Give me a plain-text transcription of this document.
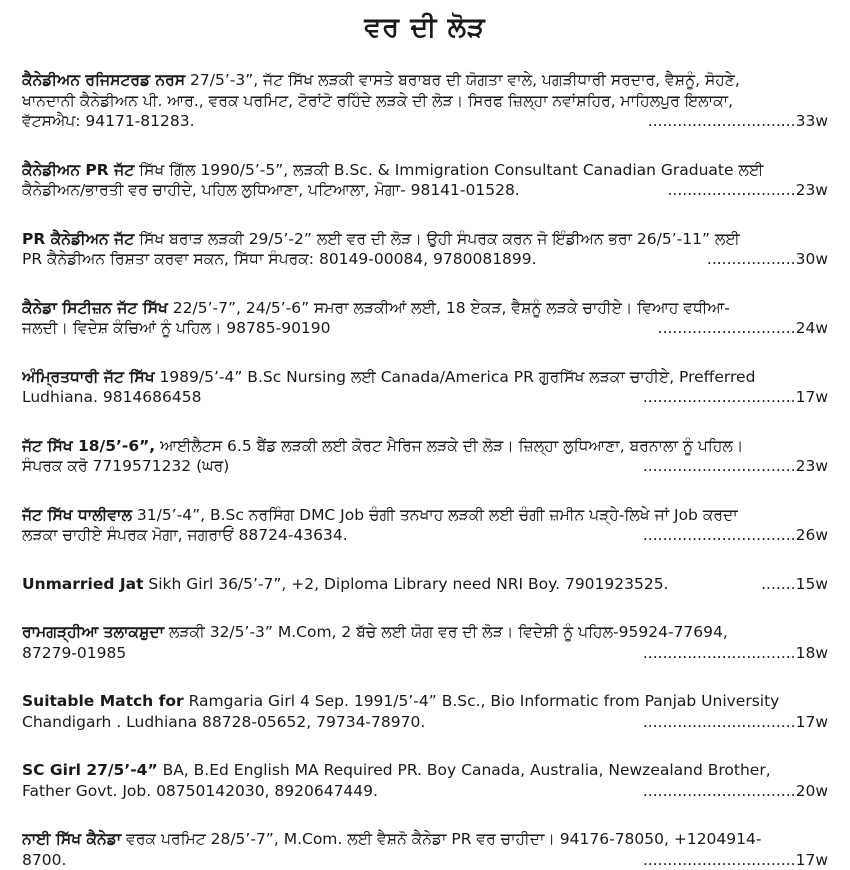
ਵਰ ਦੀ ਲੋੜ
ਕੈਨੇਡੀਅਨ ਰਜਿਸਟਰਡ ਨਰਸ 27/5’-3”, ਜੱਟ ਸਿੱਖ ਲੜਕੀ ਵਾਸਤੇ ਬਰਾਬਰ ਦੀ ਯੋਗਤਾ ਵਾਲੇ, ਪਗੜੀਧਾਰੀ ਸਰਦਾਰ, ਵੈਸ਼ਨੂੰ, ਸੋਹਣੇ,
ਖਾਨਦਾਨੀ ਕੈਨੇਡੀਅਨ ਪੀ. ਆਰ., ਵਰਕ ਪਰਮਿਟ, ਟੋਰਾਂਟੋ ਰਹਿੰਦੇ ਲੜਕੇ ਦੀ ਲੋੜ। ਸਿਰਫ ਜ਼ਿਲ੍ਹਾ ਨਵਾਂਸ਼ਹਿਰ, ਮਾਹਿਲਪੁਰ ਇਲਾਕਾ,
ਵੱਟਸਐਪ: 94171-81283.	..............................33w
ਕੈਨੇਡੀਅਨ PR ਜੱਟ ਸਿੱਖ ਗਿੱਲ 1990/5’-5”, ਲੜਕੀ B.Sc. & Immigration Consultant Canadian Graduate ਲਈ
ਕੈਨੇਡੀਅਨ/ਭਾਰਤੀ ਵਰ ਚਾਹੀਦੇ, ਪਹਿਲ ਲੁਧਿਆਣਾ, ਪਟਿਆਲਾ, ਮੋਗਾ- 98141-01528.	..........................23w
PR ਕੈਨੇਡੀਅਨ ਜੱਟ ਸਿੱਖ ਬਰਾੜ ਲੜਕੀ 29/5’-2” ਲਈ ਵਰ ਦੀ ਲੋੜ। ਉਹੀ ਸੰਪਰਕ ਕਰਨ ਜੋ ਇੰਡੀਅਨ ਭਰਾ 26/5’-11” ਲਈ
PR ਕੈਨੇਡੀਅਨ ਰਿਸ਼ਤਾ ਕਰਵਾ ਸਕਨ, ਸਿੱਧਾ ਸੰਪਰਕ: 80149-00084, 9780081899.	..................30w
ਕੈਨੇਡਾ ਸਿਟੀਜ਼ਨ ਜੱਟ ਸਿੱਖ 22/5’-7”, 24/5’-6” ਸਮਰਾ ਲੜਕੀਆਂ ਲਈ, 18 ਏਕੜ, ਵੈਸ਼ਨੂੰ ਲੜਕੇ ਚਾਹੀਏ। ਵਿਆਹ ਵਧੀਆ-
ਜਲਦੀ। ਵਿਦੇਸ਼ ਕੰਚਿਆਂ ਨੂੰ ਪਹਿਲ। 98785-90190	............................24w
ਅੰਮ੍ਰਿਤਧਾਰੀ ਜੱਟ ਸਿੱਖ 1989/5’-4” B.Sc Nursing ਲਈ Canada/America PR ਗੁਰਸਿੱਖ ਲੜਕਾ ਚਾਹੀਏ, Prefferred
Ludhiana. 9814686458	...............................17w
ਜੱਟ ਸਿੱਖ 18/5’-6”, ਆਈਲੈਟਸ 6.5 ਬੈਂਡ ਲੜਕੀ ਲਈ ਕੋਰਟ ਮੈਰਿਜ ਲੜਕੇ ਦੀ ਲੋੜ। ਜ਼ਿਲ੍ਹਾ ਲੁਧਿਆਣਾ, ਬਰਨਾਲਾ ਨੂੰ ਪਹਿਲ।
ਸੰਪਰਕ ਕਰੋ 7719571232 (ਘਰ)	...............................23w
ਜੱਟ ਸਿੱਖ ਧਾਲੀਵਾਲ 31/5’-4”, B.Sc ਨਰਸਿੰਗ DMC Job ਚੰਗੀ ਤਨਖਾਹ ਲੜਕੀ ਲਈ ਚੰਗੀ ਜ਼ਮੀਨ ਪੜ੍ਹੇ-ਲਿਖੇ ਜਾਂ Job ਕਰਦਾ
ਲੜਕਾ ਚਾਹੀਏ ਸੰਪਰਕ ਮੋਗਾ, ਜਗਰਾਓਂ 88724-43634.	...............................26w
Unmarried Jat Sikh Girl 36/5’-7”, +2, Diploma Library need NRI Boy. 7901923525.	.......15w
ਰਾਮਗੜ੍ਹੀਆ ਤਲਾਕਸ਼ੁਦਾ ਲੜਕੀ 32/5’-3” M.Com, 2 ਬੱਚੇ ਲਈ ਯੋਗ ਵਰ ਦੀ ਲੋੜ। ਵਿਦੇਸ਼ੀ ਨੂੰ ਪਹਿਲ-95924-77694,
87279-01985	...............................18w
Suitable Match for Ramgaria Girl 4 Sep. 1991/5’-4” B.Sc., Bio Informatic from Panjab University
Chandigarh . Ludhiana 88728-05652, 79734-78970.	...............................17w
SC Girl 27/5’-4” BA, B.Ed English MA Required PR. Boy Canada, Australia, Newzealand Brother,
Father Govt. Job. 08750142030, 8920647449.	...............................20w
ਨਾਈ ਸਿੱਖ ਕੈਨੇਡਾ ਵਰਕ ਪਰਮਿਟ 28/5’-7”, M.Com. ਲਈ ਵੈਸ਼ਨੋ ਕੈਨੇਡਾ PR ਵਰ ਚਾਹੀਦਾ। 94176-78050, +1204914-
8700.	...............................17w
